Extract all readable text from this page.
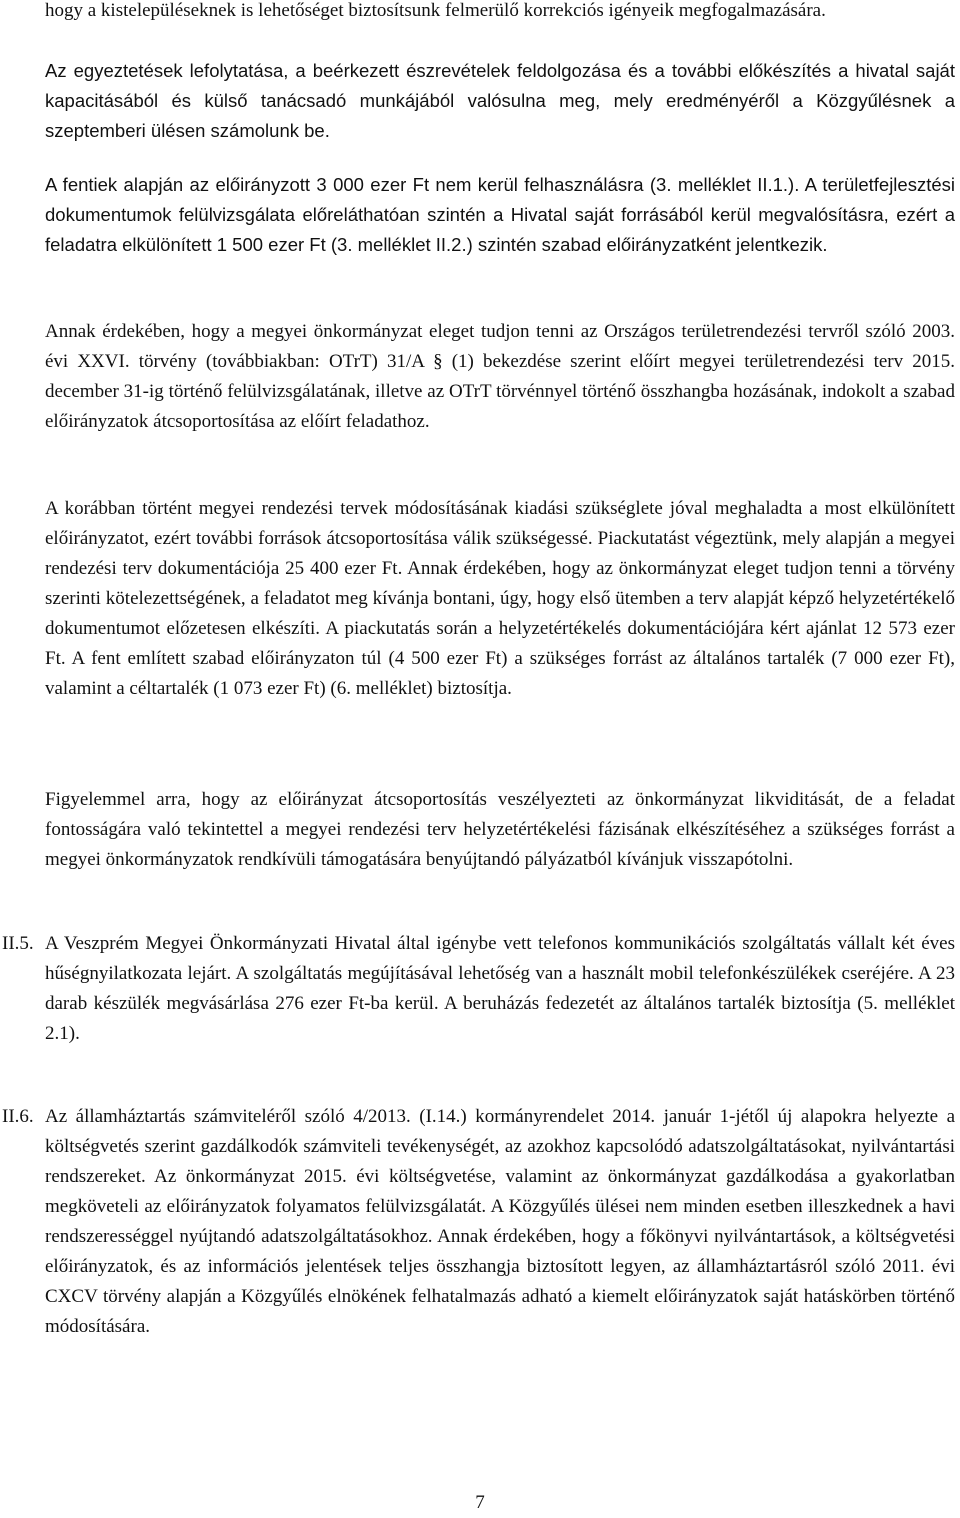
hogy a kistelepüléseknek is lehetőséget biztosítsunk felmerülő korrekciós igényeik megfogalmazására.

Az egyeztetések lefolytatása, a beérkezett észrevételek feldolgozása és a további előkészítés a hivatal saját kapacitásából és külső tanácsadó munkájából valósulna meg, mely eredményéről a Közgyűlésnek a szeptemberi ülésen számolunk be.

A fentiek alapján az előirányzott 3 000 ezer Ft nem kerül felhasználásra (3. melléklet II.1.). A területfejlesztési dokumentumok felülvizsgálata előreláthatóan szintén a Hivatal saját forrásából kerül megvalósításra, ezért a feladatra elkülönített 1 500 ezer Ft (3. melléklet II.2.) szintén szabad előirányzatként jelentkezik.

Annak érdekében, hogy a megyei önkormányzat eleget tudjon tenni az Országos területrendezési tervről szóló 2003. évi XXVI. törvény (továbbiakban: OTrT) 31/A § (1) bekezdése szerint előírt megyei területrendezési terv 2015. december 31-ig történő felülvizsgálatának, illetve az OTrT törvénnyel történő összhangba hozásának, indokolt a szabad előirányzatok átcsoportosítása az előírt feladathoz.

A korábban történt megyei rendezési tervek módosításának kiadási szükséglete jóval meghaladta a most elkülönített előirányzatot, ezért további források átcsoportosítása válik szükségessé. Piackutatást végeztünk, mely alapján a megyei rendezési terv dokumentációja 25 400 ezer Ft. Annak érdekében, hogy az önkormányzat eleget tudjon tenni a törvény szerinti kötelezettségének, a feladatot meg kívánja bontani, úgy, hogy első ütemben a terv alapját képző helyzetértékelő dokumentumot előzetesen elkészíti. A piackutatás során a helyzetértékelés dokumentációjára kért ajánlat 12 573 ezer Ft. A fent említett szabad előirányzaton túl (4 500 ezer Ft) a szükséges forrást az általános tartalék (7 000 ezer Ft), valamint a céltartalék (1 073 ezer Ft) (6. melléklet) biztosítja.

Figyelemmel arra, hogy az előirányzat átcsoportosítás veszélyezteti az önkormányzat likviditását, de a feladat fontosságára való tekintettel a megyei rendezési terv helyzetértékelési fázisának elkészítéséhez a szükséges forrást a megyei önkormányzatok rendkívüli támogatására benyújtandó pályázatból kívánjuk visszapótolni.

II.5. A Veszprém Megyei Önkormányzati Hivatal által igénybe vett telefonos kommunikációs szolgáltatás vállalt két éves hűségnyilatkozata lejárt. A szolgáltatás megújításával lehetőség van a használt mobil telefonkészülékek cseréjére. A 23 darab készülék megvásárlása 276 ezer Ft-ba kerül. A beruházás fedezetét az általános tartalék biztosítja (5. melléklet 2.1).

II.6. Az államháztartás számviteléről szóló 4/2013. (I.14.) kormányrendelet 2014. január 1-jétől új alapokra helyezte a költségvetés szerint gazdálkodók számviteli tevékenységét, az azokhoz kapcsolódó adatszolgáltatásokat, nyilvántartási rendszereket. Az önkormányzat 2015. évi költségvetése, valamint az önkormányzat gazdálkodása a gyakorlatban megköveteli az előirányzatok folyamatos felülvizsgálatát. A Közgyűlés ülései nem minden esetben illeszkednek a havi rendszerességgel nyújtandó adatszolgáltatásokhoz. Annak érdekében, hogy a főkönyvi nyilvántartások, a költségvetési előirányzatok, és az információs jelentések teljes összhangja biztosított legyen, az államháztartásról szóló 2011. évi CXCV törvény alapján a Közgyűlés elnökének felhatalmazás adható a kiemelt előirányzatok saját hatáskörben történő módosítására.

7
